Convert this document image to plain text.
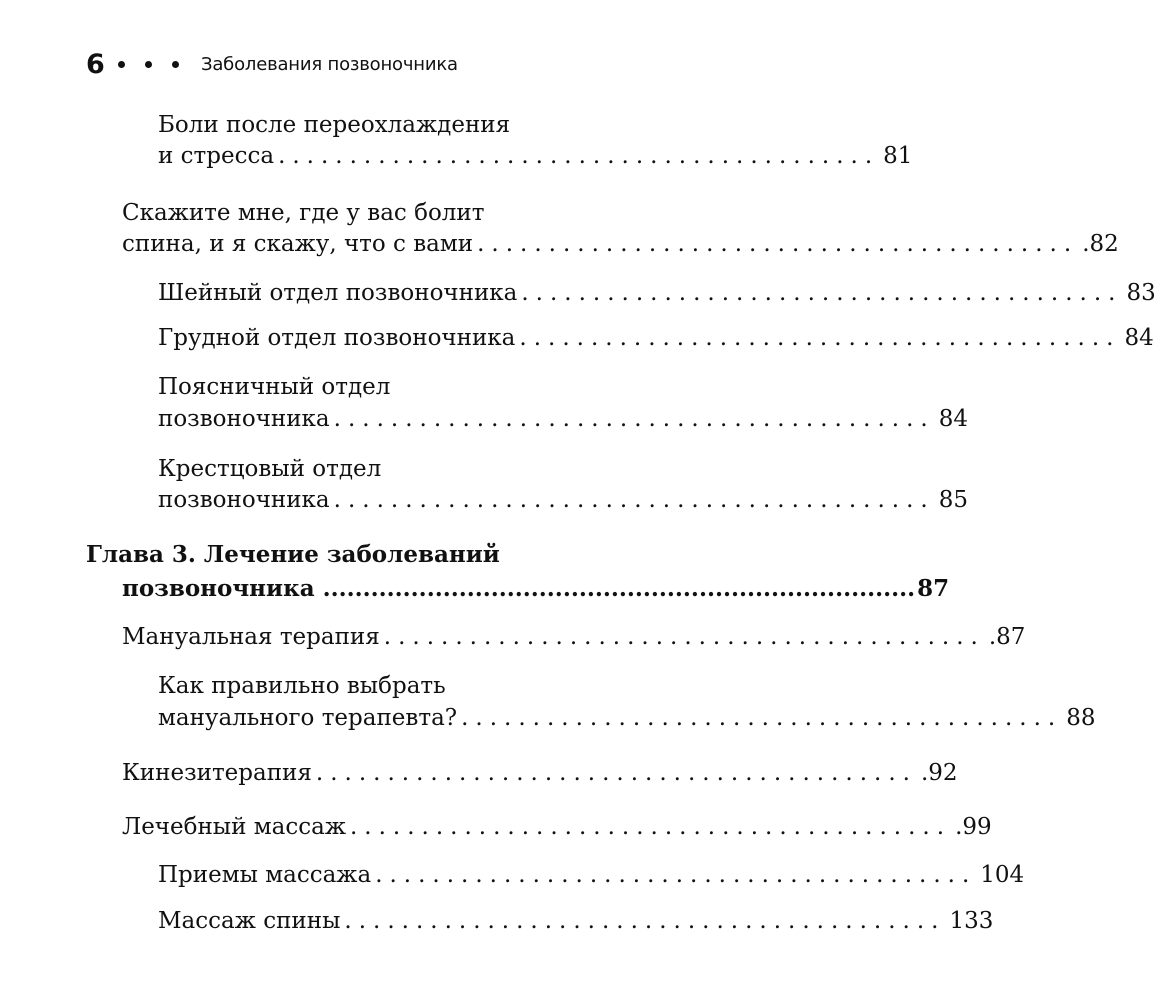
6	Заболевания позвоночника
Боли после переохлаждения
и стресса .......................................... 81
Скажите мне, где у вас болит
спина, и я скажу, что с вами .......................................... .82
Шейный отдел позвоночника .......................................... 83
Грудной отдел позвоночника .......................................... 84
Поясничный отдел
позвоночника .......................................... 84
Крестцовый отдел
позвоночника .......................................... 85
Глава 3. Лечение заболеваний
позвоночника .......................................................................... 87
Мануальная терапия .......................................... .87
Как правильно выбрать
мануального терапевта? .......................................... 88
Кинезитерапия .......................................... .92
Лечебный массаж .......................................... .99
Приемы массажа .......................................... 104
Массаж спины .......................................... 133
